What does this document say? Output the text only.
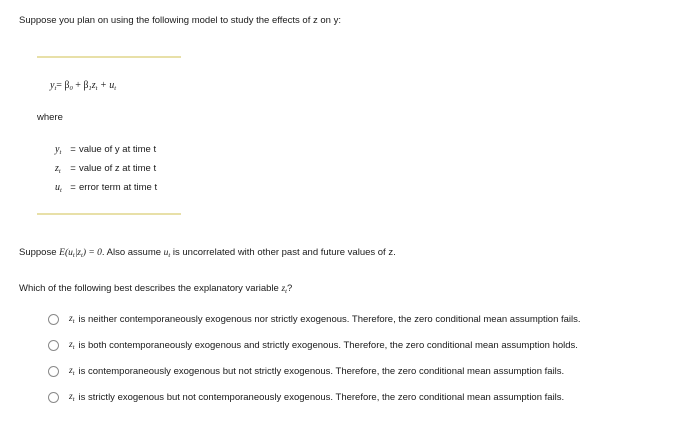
Suppose you plan on using the following model to study the effects of z on y:
$y_t= \beta_0 + \beta_1z_t + u_t$
where
$y_t$ = value of y at time t
$z_t$ = value of z at time t
$u_t$ = error term at time t
Suppose $E(u_t|z_t) = 0$. Also assume $u_t$ is uncorrelated with other past and future values of z.
Which of the following best describes the explanatory variable $z_t$?
$z_t$ is neither contemporaneously exogenous nor strictly exogenous. Therefore, the zero conditional mean assumption fails.
$z_t$ is both contemporaneously exogenous and strictly exogenous. Therefore, the zero conditional mean assumption holds.
$z_t$ is contemporaneously exogenous but not strictly exogenous. Therefore, the zero conditional mean assumption fails.
$z_t$ is strictly exogenous but not contemporaneously exogenous. Therefore, the zero conditional mean assumption fails.
